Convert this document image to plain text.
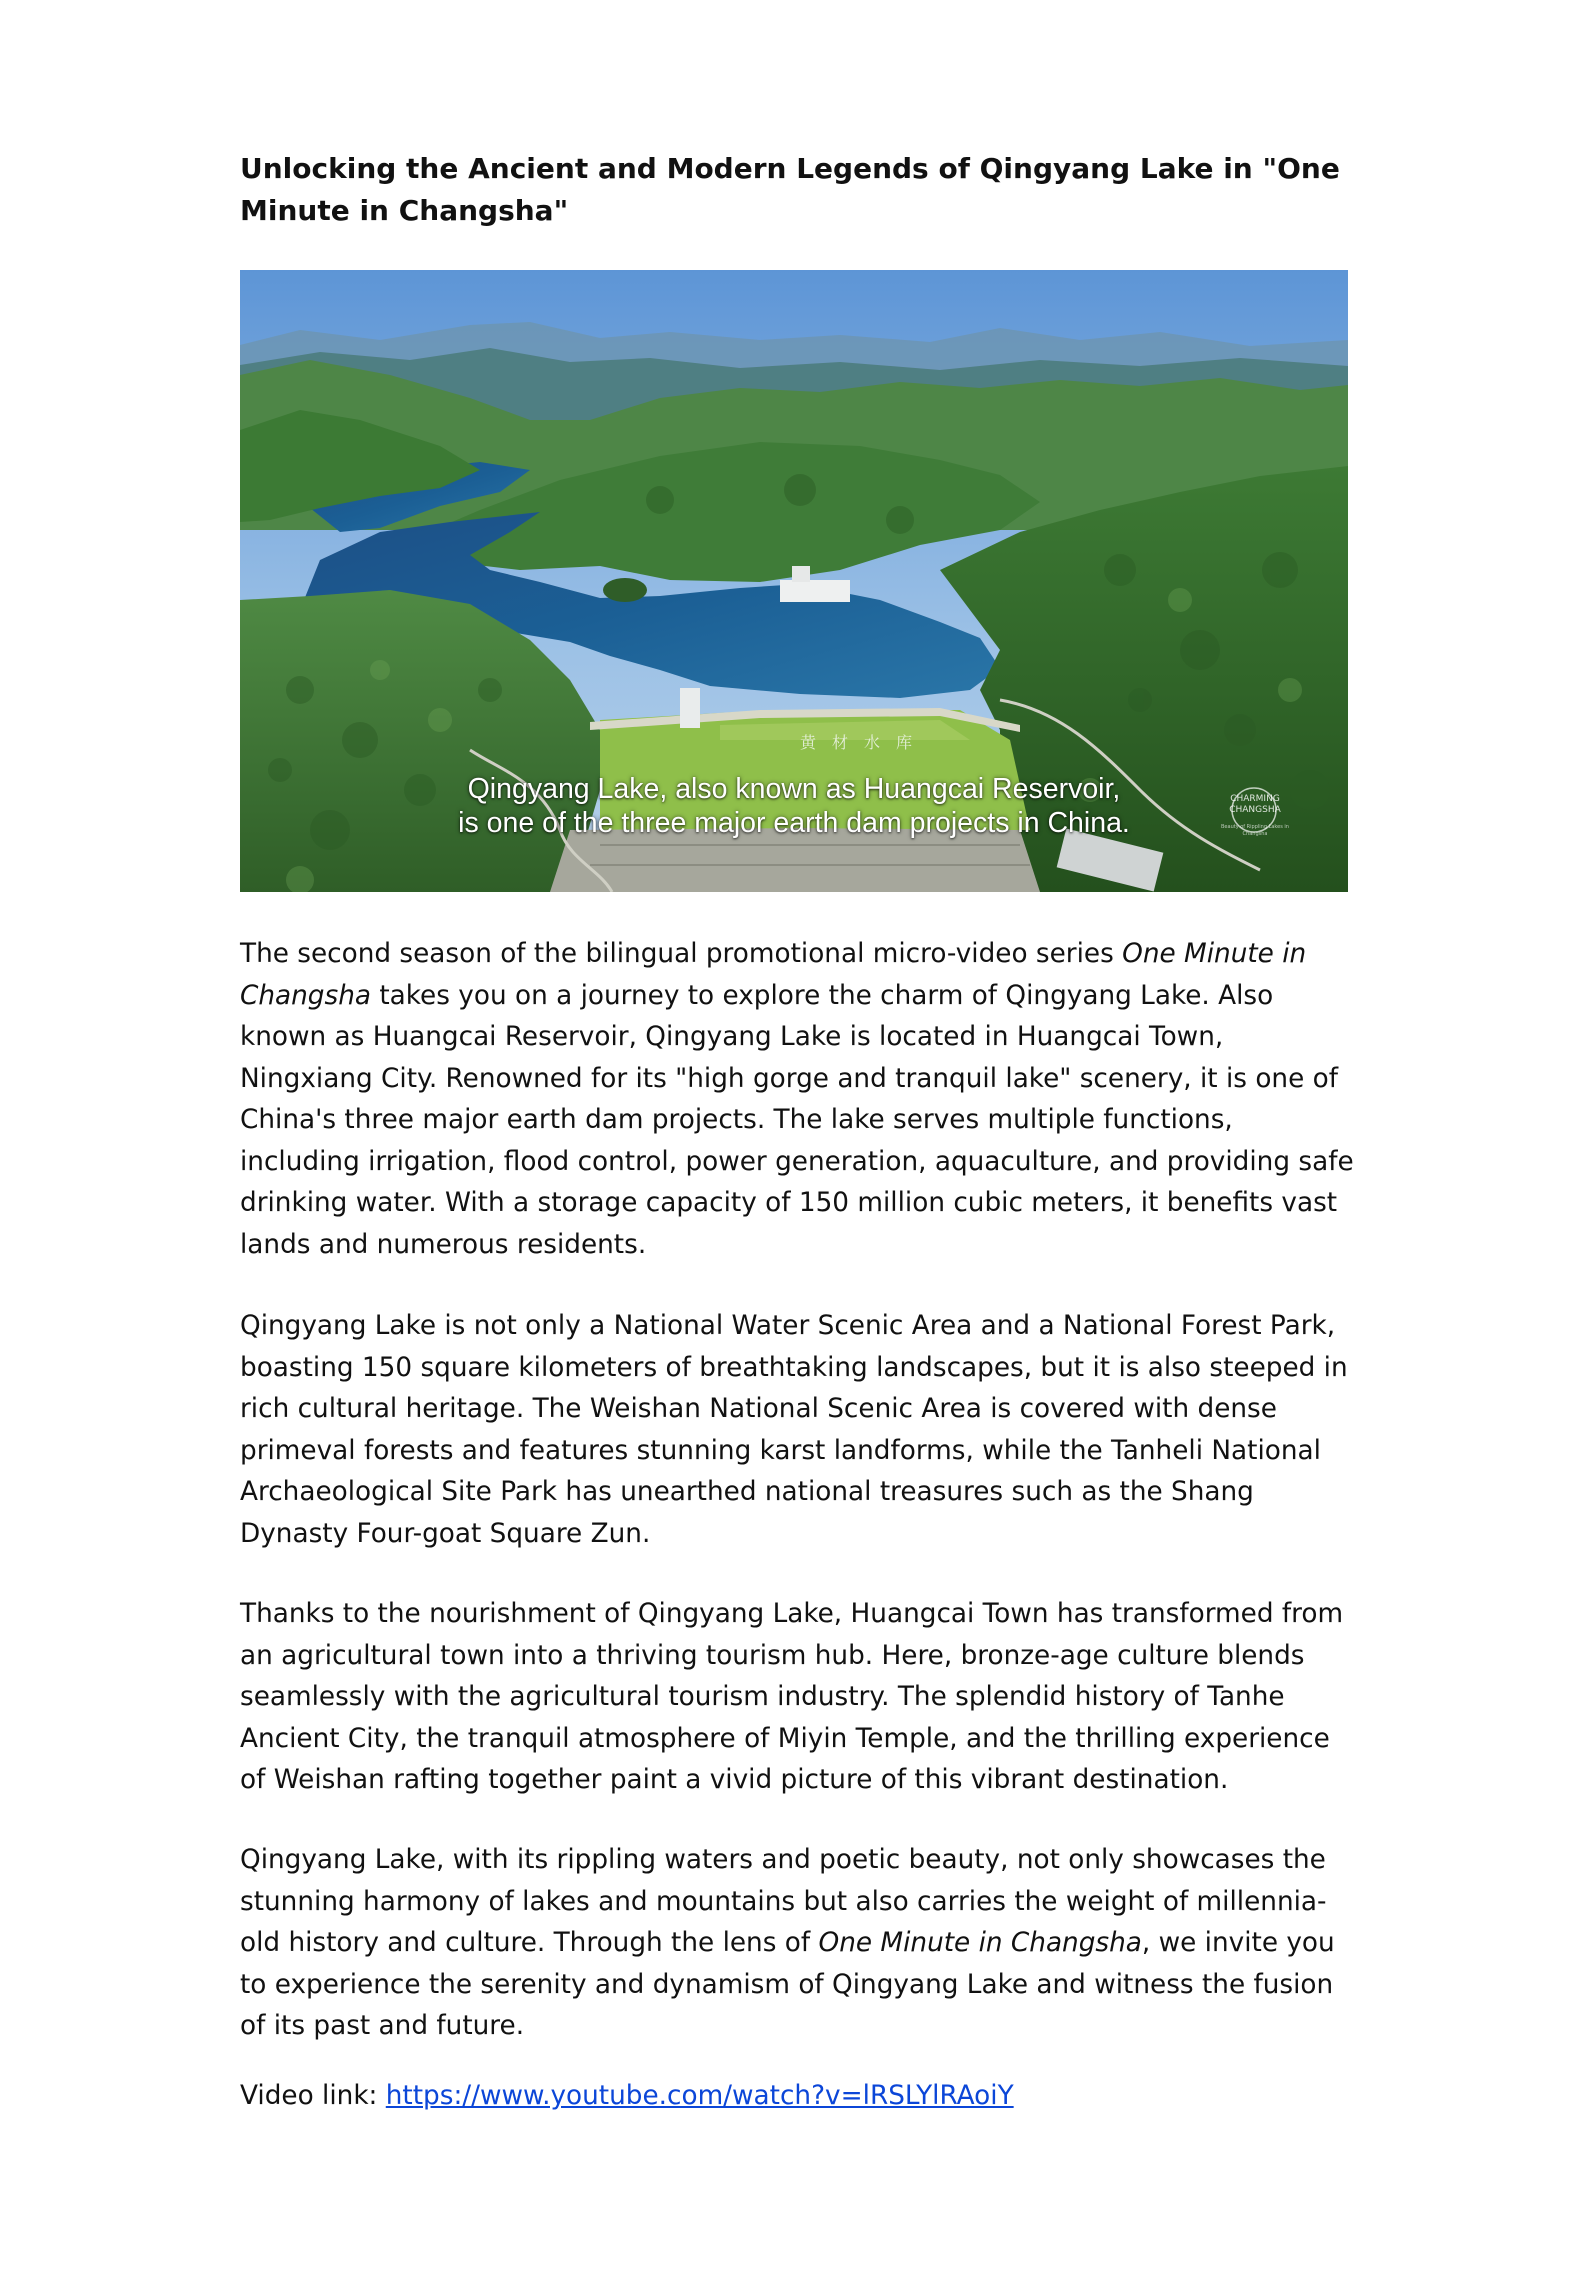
Unlocking the Ancient and Modern Legends of Qingyang Lake in "One Minute in Changsha"
黄材水库
Qingyang Lake, also known as Huangcai Reservoir,
is one of the three major earth dam projects in China.
CHARMING
CHANGSHA
Beauty of Rippling Lakes in Changsha

The second season of the bilingual promotional micro-video series One Minute in Changsha takes you on a journey to explore the charm of Qingyang Lake. Also known as Huangcai Reservoir, Qingyang Lake is located in Huangcai Town, Ningxiang City. Renowned for its "high gorge and tranquil lake" scenery, it is one of China's three major earth dam projects. The lake serves multiple functions, including irrigation, flood control, power generation, aquaculture, and providing safe drinking water. With a storage capacity of 150 million cubic meters, it benefits vast lands and numerous residents.

Qingyang Lake is not only a National Water Scenic Area and a National Forest Park, boasting 150 square kilometers of breathtaking landscapes, but it is also steeped in rich cultural heritage. The Weishan National Scenic Area is covered with dense primeval forests and features stunning karst landforms, while the Tanheli National Archaeological Site Park has unearthed national treasures such as the Shang Dynasty Four-goat Square Zun.

Thanks to the nourishment of Qingyang Lake, Huangcai Town has transformed from an agricultural town into a thriving tourism hub. Here, bronze-age culture blends seamlessly with the agricultural tourism industry. The splendid history of Tanhe Ancient City, the tranquil atmosphere of Miyin Temple, and the thrilling experience of Weishan rafting together paint a vivid picture of this vibrant destination.

Qingyang Lake, with its rippling waters and poetic beauty, not only showcases the stunning harmony of lakes and mountains but also carries the weight of millennia-old history and culture. Through the lens of One Minute in Changsha, we invite you to experience the serenity and dynamism of Qingyang Lake and witness the fusion of its past and future.

Video link: https://www.youtube.com/watch?v=lRSLYlRAoiY
